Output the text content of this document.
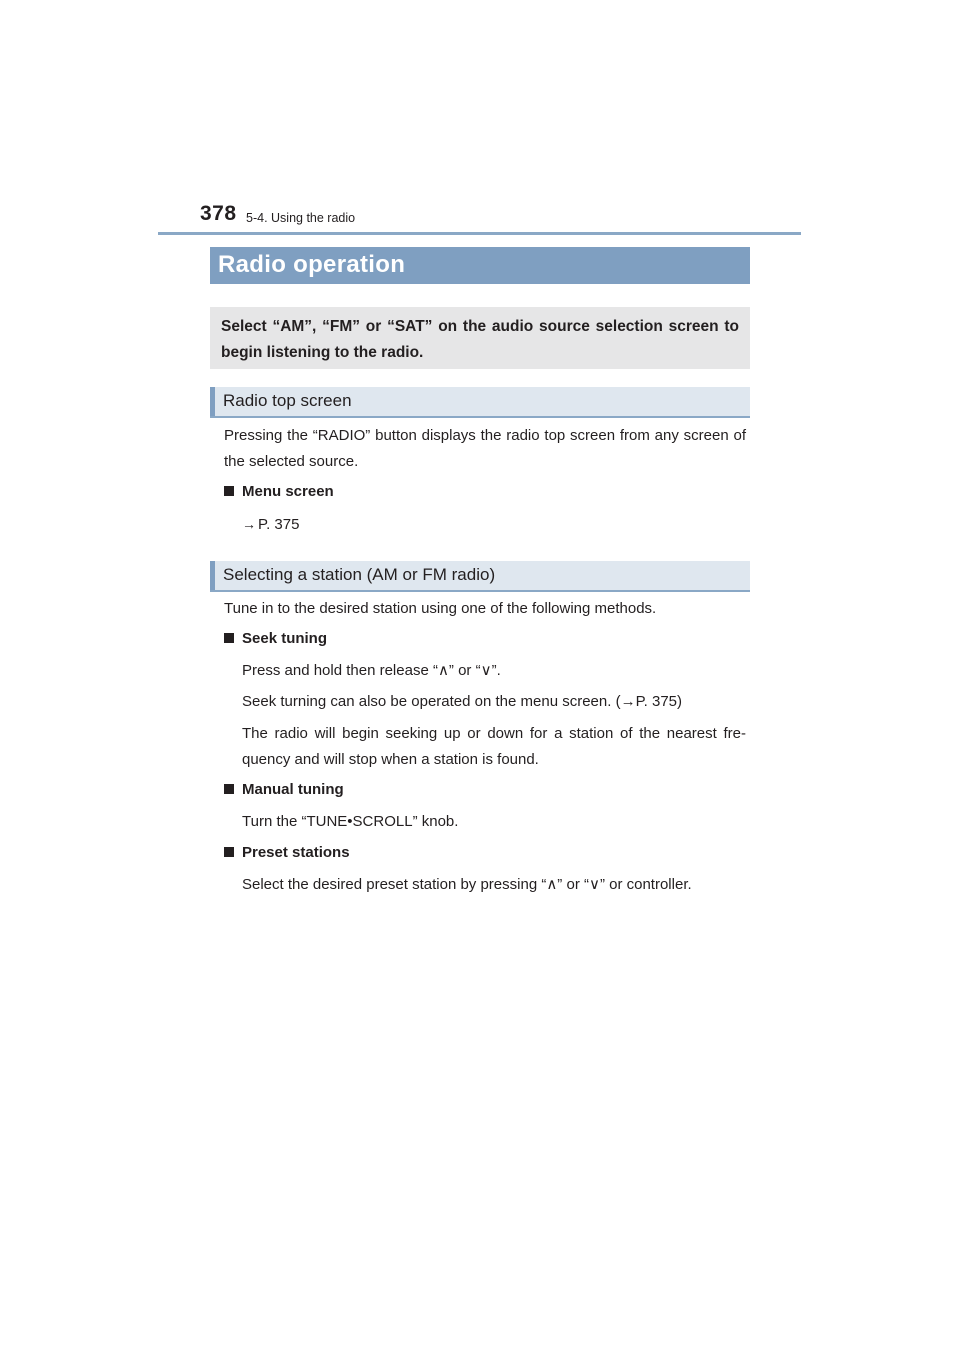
378 5-4. Using the radio
Radio operation

Select “AM”, “FM” or “SAT” on the audio source selection screen to begin listening to the radio.

Radio top screen

Pressing the “RADIO” button displays the radio top screen from any screen of the selected source.

Menu screen

→ P. 375

Selecting a station (AM or FM radio)

Tune in to the desired station using one of the following methods.

Seek tuning

Press and hold then release “∧” or “∨”.

Seek turning can also be operated on the menu screen. (→P. 375)

The radio will begin seeking up or down for a station of the nearest fre-quency and will stop when a station is found.

Manual tuning

Turn the “TUNE•SCROLL” knob.

Preset stations

Select the desired preset station by pressing “∧” or “∨” or controller.
